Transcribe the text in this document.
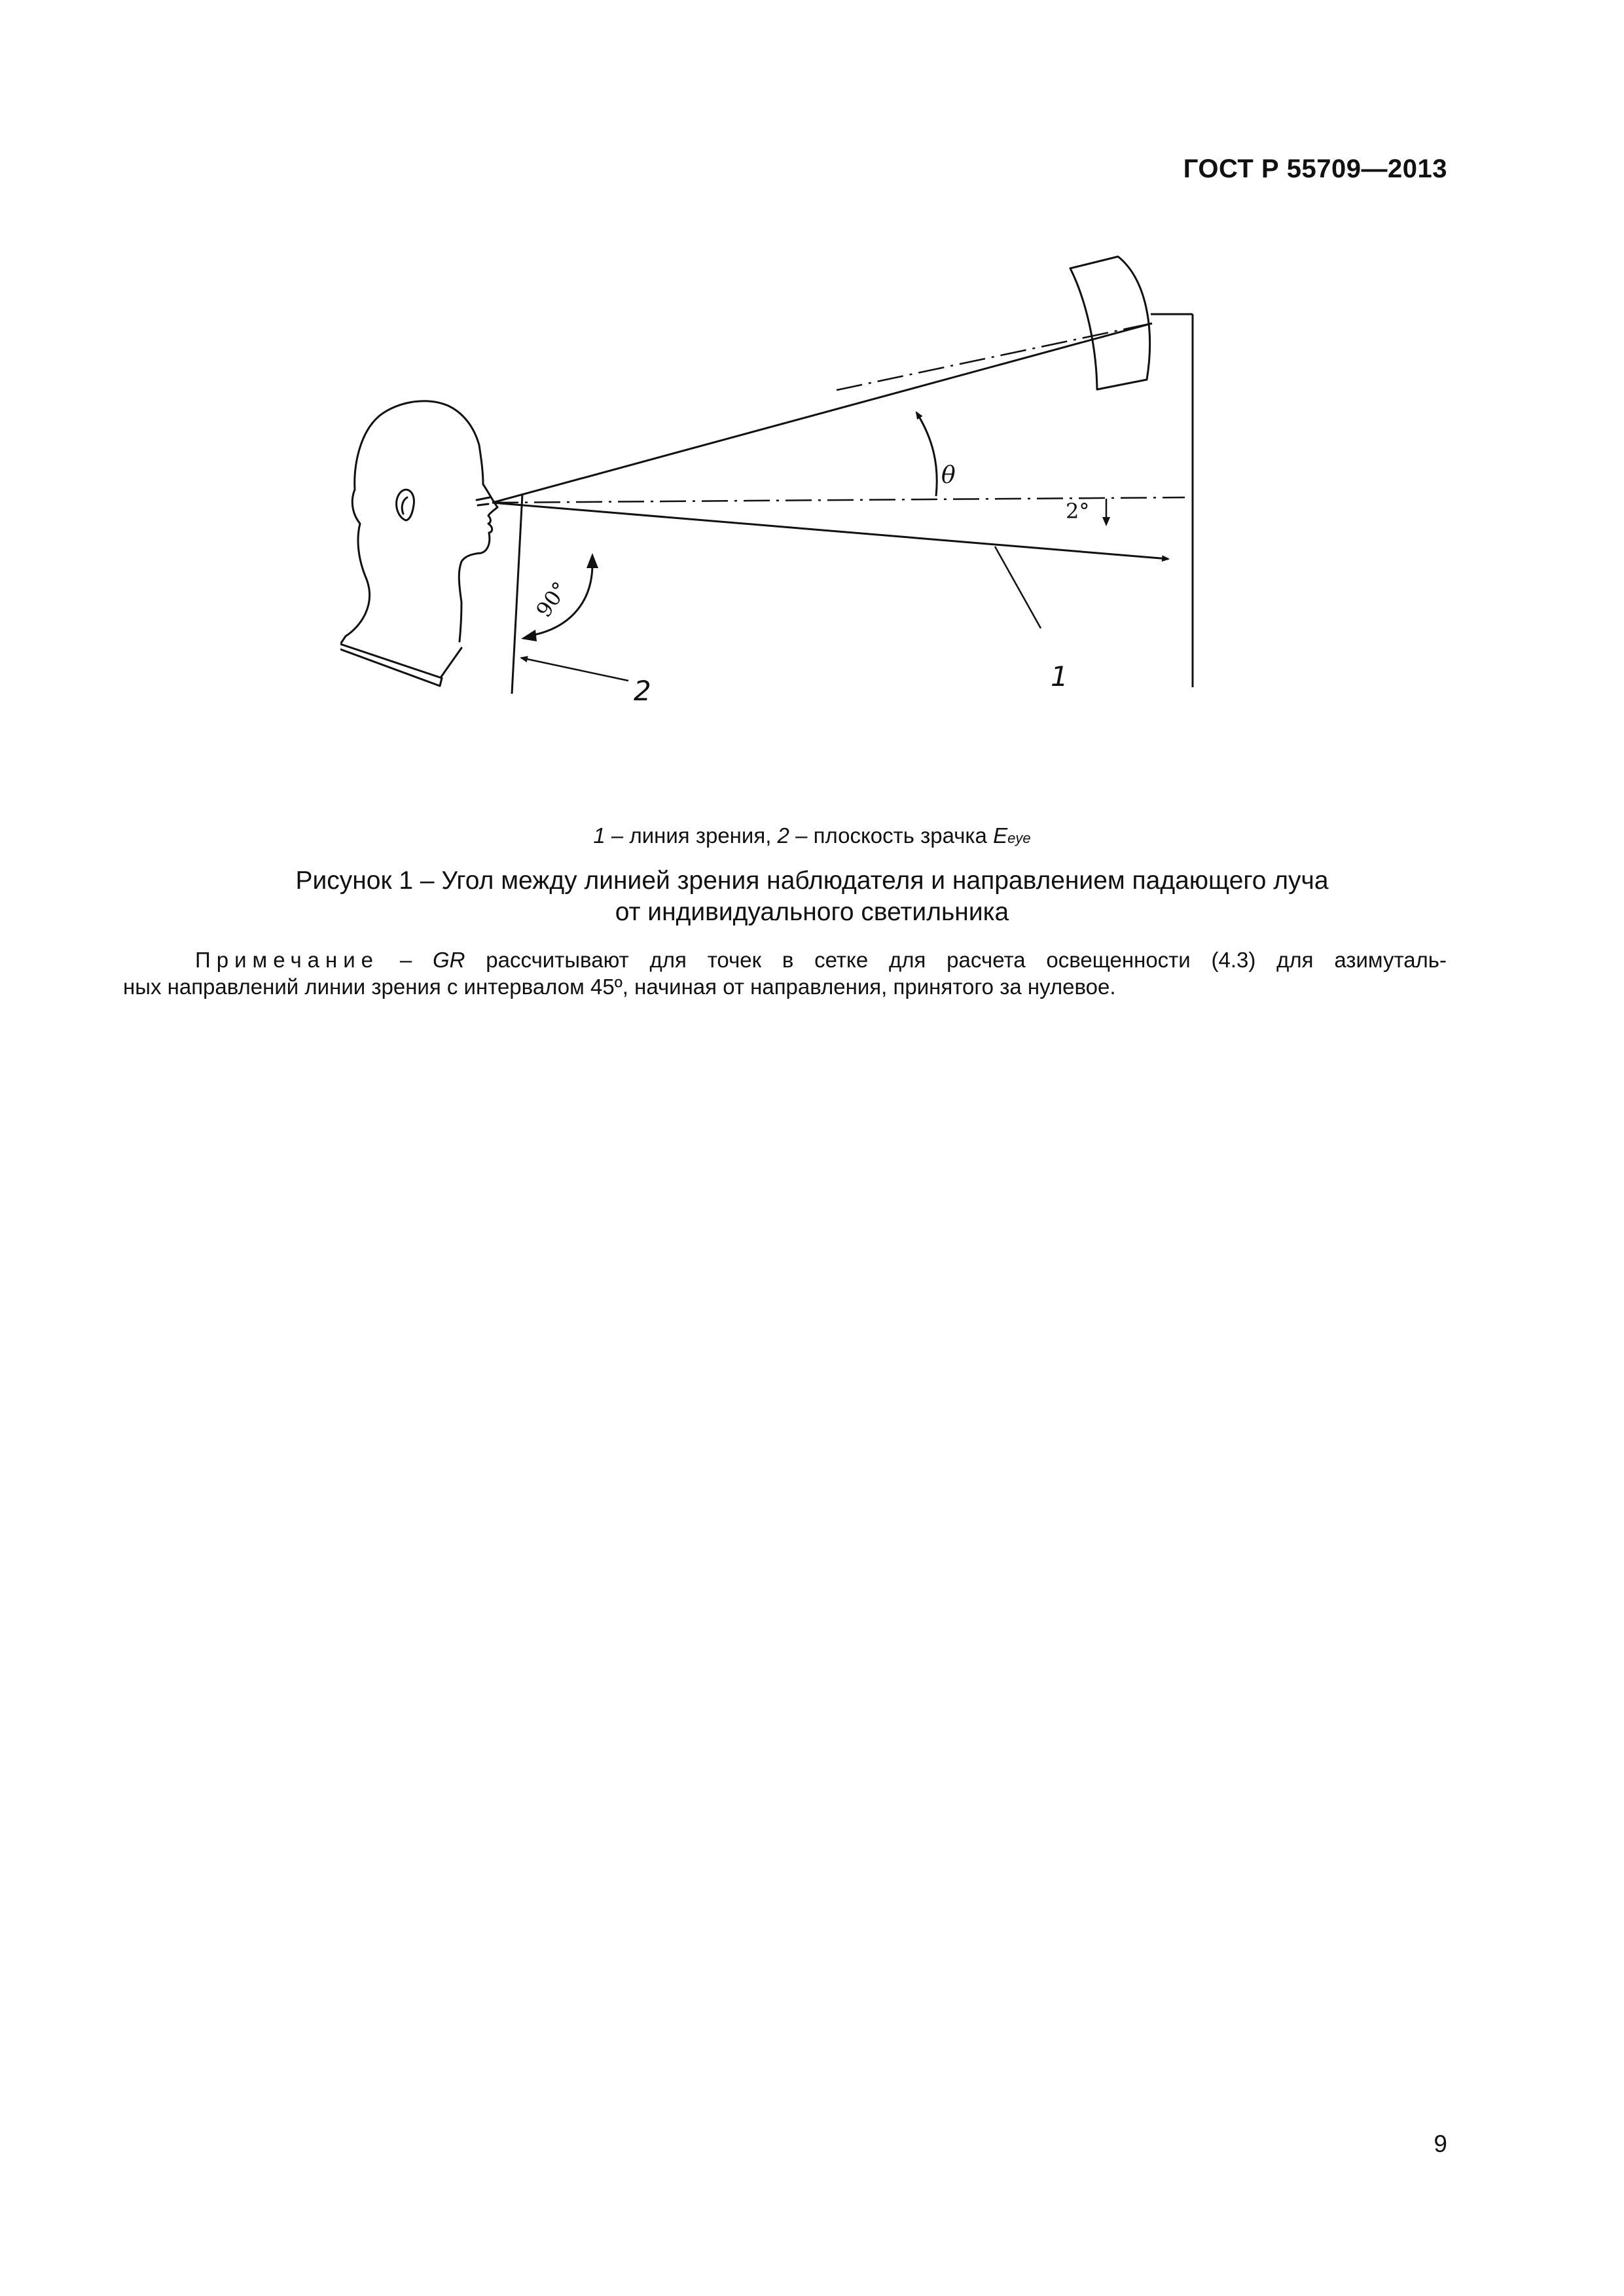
ГОСТ Р 55709—2013
θ
90°
2°
1
2
1 – линия зрения, 2 – плоскость зрачка Eeye
Рисунок 1 – Угол между линией зрения наблюдателя и направлением падающего луча
от индивидуального светильника

Примечание – GR рассчитывают для точек в сетке для расчета освещенности (4.3) для азимуталь-

ных направлений линии зрения с интервалом 45º, начиная от направления, принятого за нулевое.

9
